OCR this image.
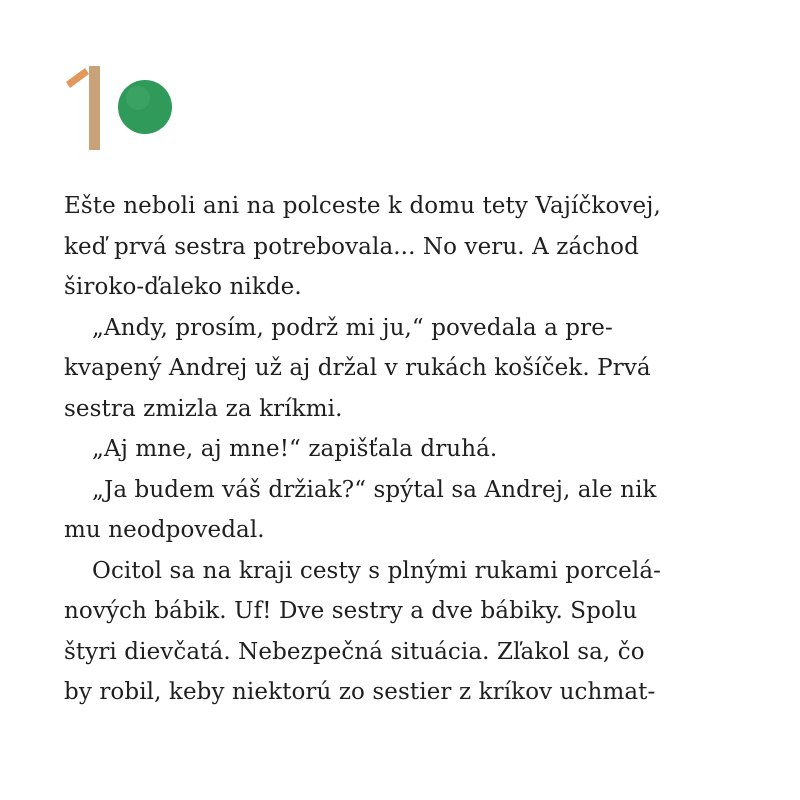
Ešte neboli ani na polceste k domu tety Vajíčkovej,
keď prvá sestra potrebovala... No veru. A záchod
široko-ďaleko nikde.
„Andy, prosím, podrž mi ju,“ povedala a pre-
kvapený Andrej už aj držal v rukách košíček. Prvá
sestra zmizla za kríkmi.
„Aj mne, aj mne!“ zapišťala druhá.
„Ja budem váš držiak?“ spýtal sa Andrej, ale nik
mu neodpovedal.
Ocitol sa na kraji cesty s plnými rukami porcelá-
nových bábik. Uf! Dve sestry a dve bábiky. Spolu
štyri dievčatá. Nebezpečná situácia. Zľakol sa, čo
by robil, keby niektorú zo sestier z kríkov uchmat-
